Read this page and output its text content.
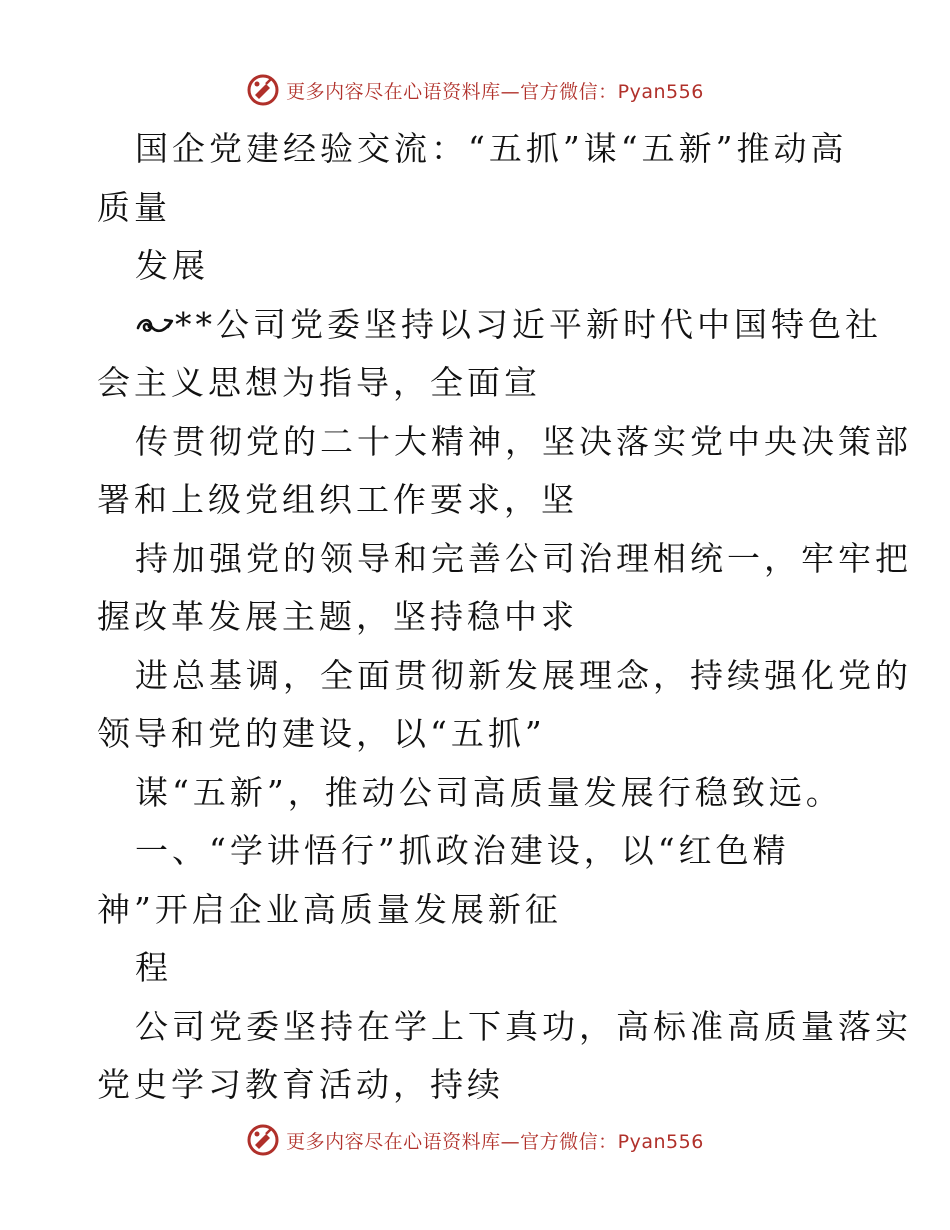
更多内容尽在心语资料库—官方微信：Pyan556
国企党建经验交流：“五抓”谋“五新”推动高
质量
发展
**公司党委坚持以习近平新时代中国特色社
会主义思想为指导，全面宣
传贯彻党的二十大精神，坚决落实党中央决策部
署和上级党组织工作要求，坚
持加强党的领导和完善公司治理相统一，牢牢把
握改革发展主题，坚持稳中求
进总基调，全面贯彻新发展理念，持续强化党的
领导和党的建设，以“五抓”
谋“五新”，推动公司高质量发展行稳致远。
一、“学讲悟行”抓政治建设，以“红色精
神”开启企业高质量发展新征
程
公司党委坚持在学上下真功，高标准高质量落实
党史学习教育活动，持续
更多内容尽在心语资料库—官方微信：Pyan556
